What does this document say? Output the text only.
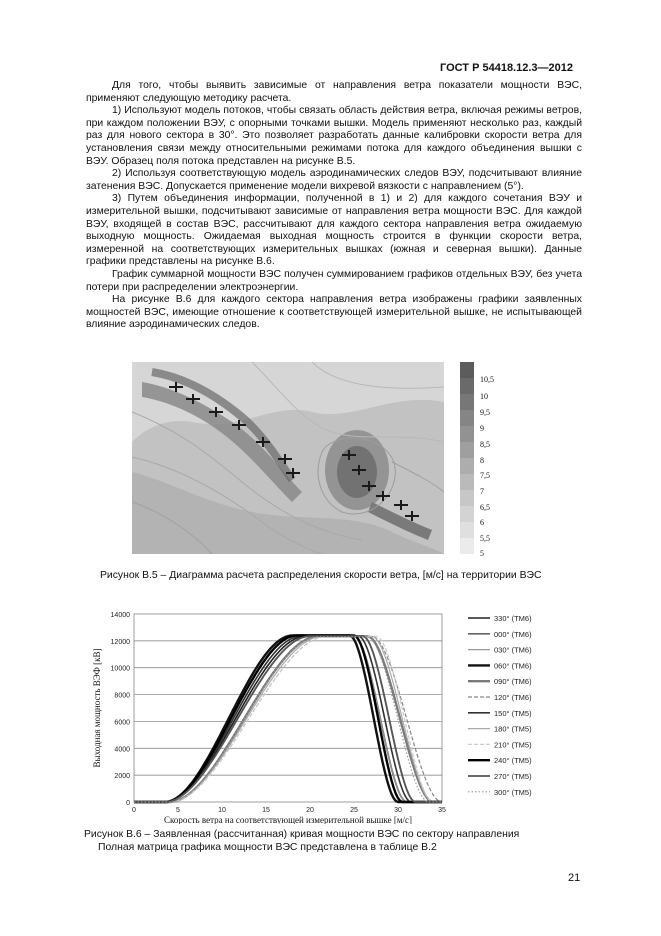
ГОСТ Р 54418.12.3—2012

Для того, чтобы выявить зависимые от направления ветра показатели мощности ВЭС, применяют следующую методику расчета.

1) Используют модель потоков, чтобы связать область действия ветра, включая режимы ветров, при каждом положении ВЭУ, с опорными точками вышки. Модель применяют несколько раз, каждый раз для нового сектора в 30°. Это позволяет разработать данные калибровки скорости ветра для установления связи между относительными режимами потока для каждого объединения вышки с ВЭУ. Образец поля потока представлен на рисунке В.5.

2) Используя соответствующую модель аэродинамических следов ВЭУ, подсчитывают влияние затенения ВЭС. Допускается применение модели вихревой вязкости с направлением (5°).

3) Путем объединения информации, полученной в 1) и 2) для каждого сочетания ВЭУ и измерительной вышки, подсчитывают зависимые от направления ветра мощности ВЭС. Для каждой ВЭУ, входящей в состав ВЭС, рассчитывают для каждого сектора направления ветра ожидаемую выходную мощность. Ожидаемая выходная мощность строится в функции скорости ветра, измеренной на соответствующих измерительных вышках (южная и северная вышки). Данные графики представлены на рисунке В.6.

График суммарной мощности ВЭС получен суммированием графиков отдельных ВЭУ, без учета потери при распределении электроэнергии.

На рисунке В.6 для каждого сектора направления ветра изображены графики заявленных мощностей ВЭС, имеющие отношение к соответствующей измерительной вышке, не испытывающей влияние аэродинамических следов.

10,5
10
9,5
9
8,5
8
7,5
7
6,5
6
5,5
5
Рисунок В.5 – Диаграмма расчета распределения скорости ветра, [м/с] на территории ВЭС
0
2000
4000
6000
8000
10000
12000
14000
0	5	10	15	20	25	30	35
Скорость ветра на соответствующей измерительной вышке [м/с]
Выходная мощность ВЭФ [кВ]
330° (TM6)
000° (TM6)
030° (TM6)
060° (TM6)
090° (TM6)
120° (TM6)
150° (TM5)
180° (TM5)
210° (TM5)
240° (TM5)
270° (TM5)
300° (TM5)
Рисунок В.6 – Заявленная (рассчитанная) кривая мощности ВЭС по сектору направления
Полная матрица графика мощности ВЭС представлена в таблице В.2
21
